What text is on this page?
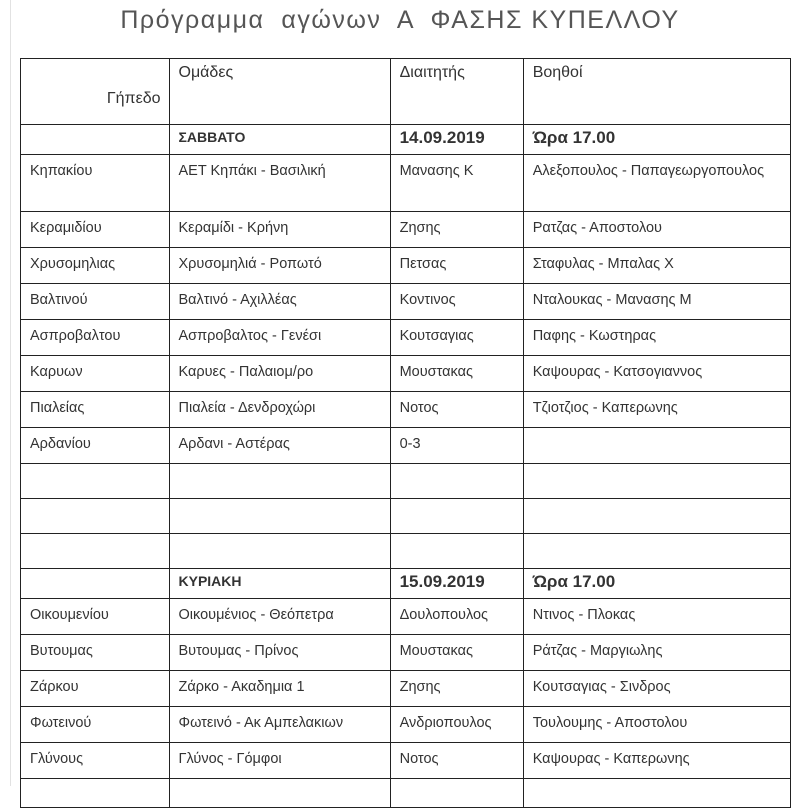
Πρόγραμμα  αγώνων  Α  ΦΑΣΗΣ ΚΥΠΕΛΛΟΥ
Γήπεδο	Ομάδες	Διαιτητής	Βοηθοί
	ΣΑΒΒΑΤΟ	14.09.2019	Ώρα 17.00
Κηπακίου	ΑΕΤ Κηπάκι - Βασιλική	Μανασης Κ	Αλεξοπουλος - Παπαγεωργοπουλος
Κεραμιδίου	Κεραμίδι - Κρήνη	Ζησης	Ρατζας - Αποστολου
Χρυσομηλιας	Χρυσομηλιά - Ροπωτό	Πετσας	Σταφυλας - Μπαλας Χ
Βαλτινού	Βαλτινό - Αχιλλέας	Κοντινος	Νταλουκας - Μανασης Μ
Ασπροβαλτου	Ασπροβαλτος - Γενέσι	Κουτσαγιας	Παφης - Κωστηρας
Καρυων	Καρυες - Παλαιομ/ρο	Μουστακας	Καψουρας - Κατσογιαννος
Πιαλείας	Πιαλεία - Δενδροχώρι	Νοτος	Τζιοτζιος - Καπερωνης
Αρδανίου	Αρδανι - Αστέρας	0-3	

	ΚΥΡΙΑΚΗ	15.09.2019	Ώρα 17.00
Οικουμενίου	Οικουμένιος - Θεόπετρα	Δουλοπουλος	Ντινος - Πλοκας
Βυτουμας	Βυτουμας - Πρίνος	Μουστακας	Ράτζας - Μαργιωλης
Ζάρκου	Ζάρκο - Ακαδημια 1	Ζησης	Κουτσαγιας - Σινδρος
Φωτεινού	Φωτεινό - Ακ Αμπελακιων	Ανδριοπουλος	Τουλουμης - Αποστολου
Γλύνους	Γλύνος - Γόμφοι	Νοτος	Καψουρας - Καπερωνης
